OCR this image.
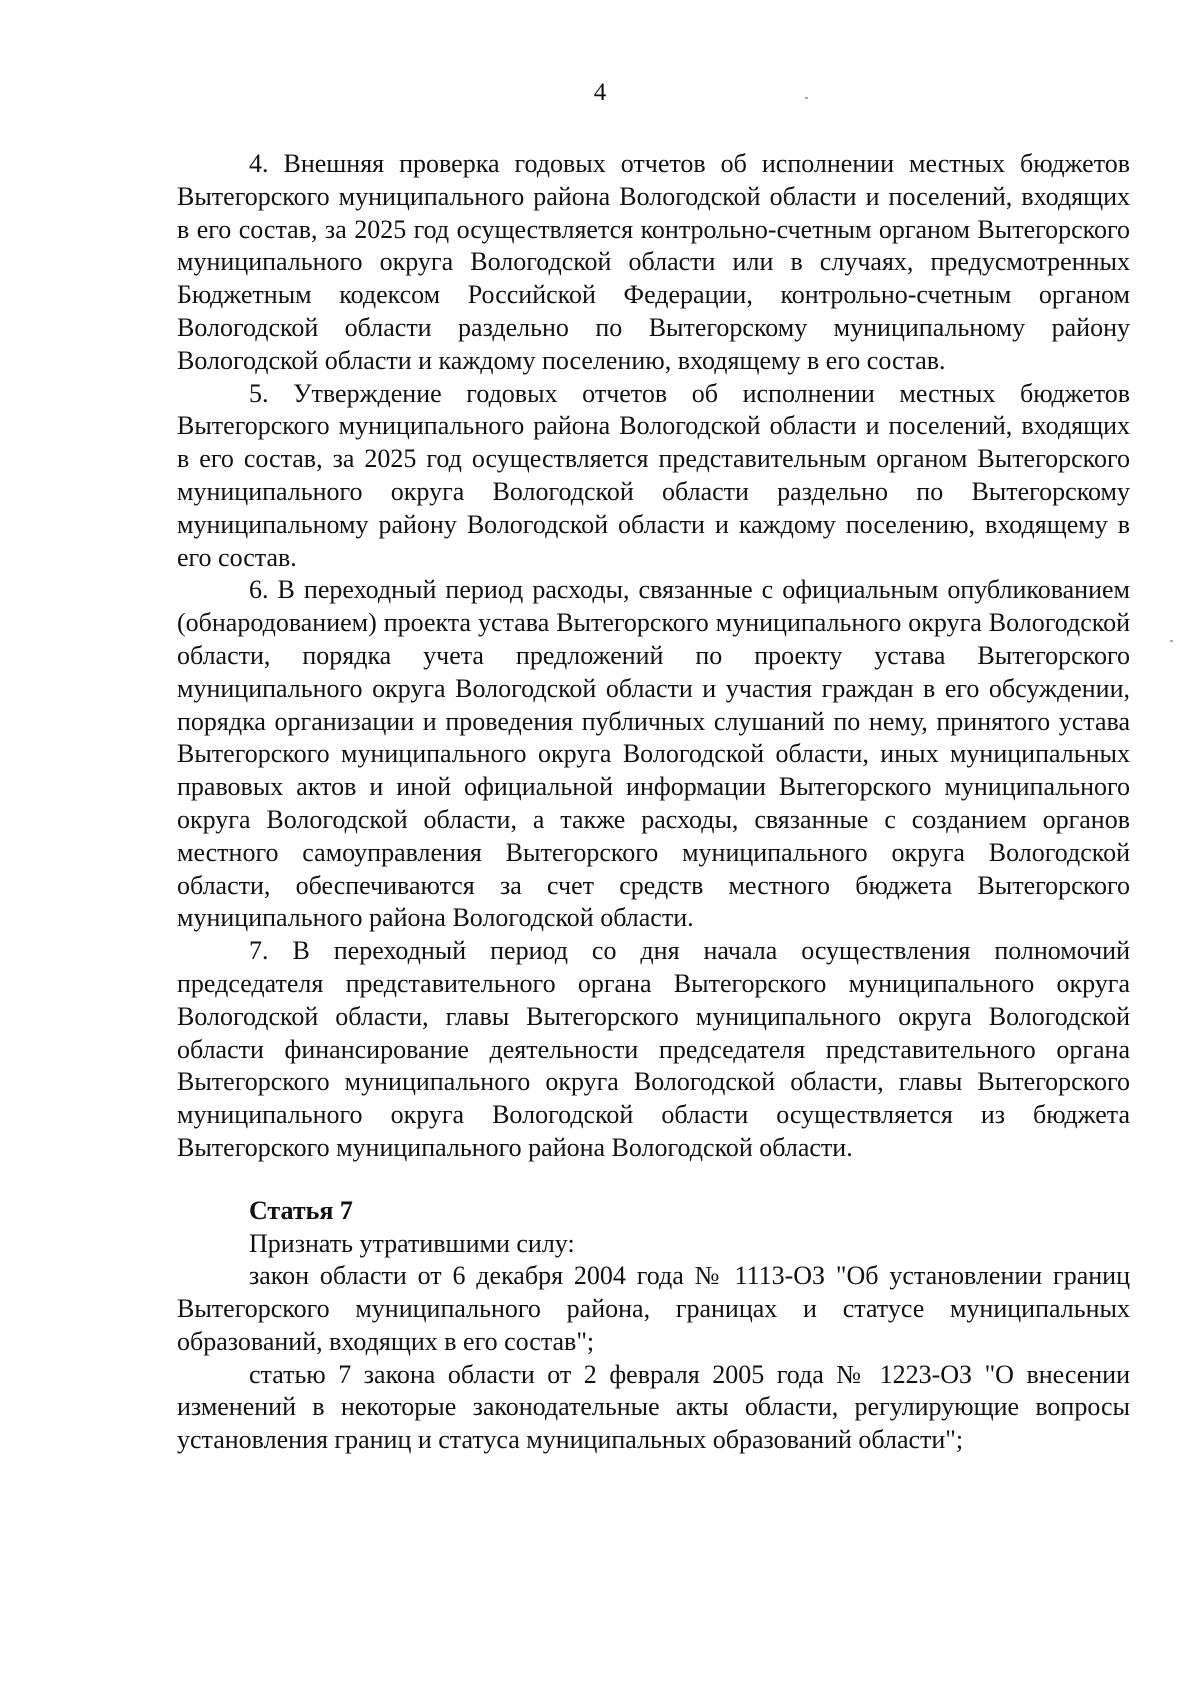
4

4. Внешняя проверка годовых отчетов об исполнении местных бюджетов Вытегорского муниципального района Вологодской области и поселений, входящих в его состав, за 2025 год осуществляется контрольно-счетным органом Вытегорского муниципального округа Вологодской области или в случаях, предусмотренных Бюджетным кодексом Российской Федерации, контрольно-счетным органом Вологодской области раздельно по Вытегорскому муниципальному району Вологодской области и каждому поселению, входящему в его состав.

5. Утверждение годовых отчетов об исполнении местных бюджетов Вытегорского муниципального района Вологодской области и поселений, входящих в его состав, за 2025 год осуществляется представительным органом Вытегорского муниципального округа Вологодской области раздельно по Вытегорскому муниципальному району Вологодской области и каждому поселению, входящему в его состав.

6. В переходный период расходы, связанные с официальным опубликованием (обнародованием) проекта устава Вытегорского муниципального округа Вологодской области, порядка учета предложений по проекту устава Вытегорского муниципального округа Вологодской области и участия граждан в его обсуждении, порядка организации и проведения публичных слушаний по нему, принятого устава Вытегорского муниципального округа Вологодской области, иных муниципальных правовых актов и иной официальной информации Вытегорского муниципального округа Вологодской области, а также расходы, связанные с созданием органов местного самоуправления Вытегорского муниципального округа Вологодской области, обеспечиваются за счет средств местного бюджета Вытегорского муниципального района Вологодской области.

7. В переходный период со дня начала осуществления полномочий председателя представительного органа Вытегорского муниципального округа Вологодской области, главы Вытегорского муниципального округа Вологодской области финансирование деятельности председателя представительного органа Вытегорского муниципального округа Вологодской области, главы Вытегорского муниципального округа Вологодской области осуществляется из бюджета Вытегорского муниципального района Вологодской области.

Статья 7

Признать утратившими силу:

закон области от 6 декабря 2004 года № 1113-ОЗ "Об установлении границ Вытегорского муниципального района, границах и статусе муниципальных образований, входящих в его состав";

статью 7 закона области от 2 февраля 2005 года № 1223-ОЗ "О внесении изменений в некоторые законодательные акты области, регулирующие вопросы установления границ и статуса муниципальных образований области";
